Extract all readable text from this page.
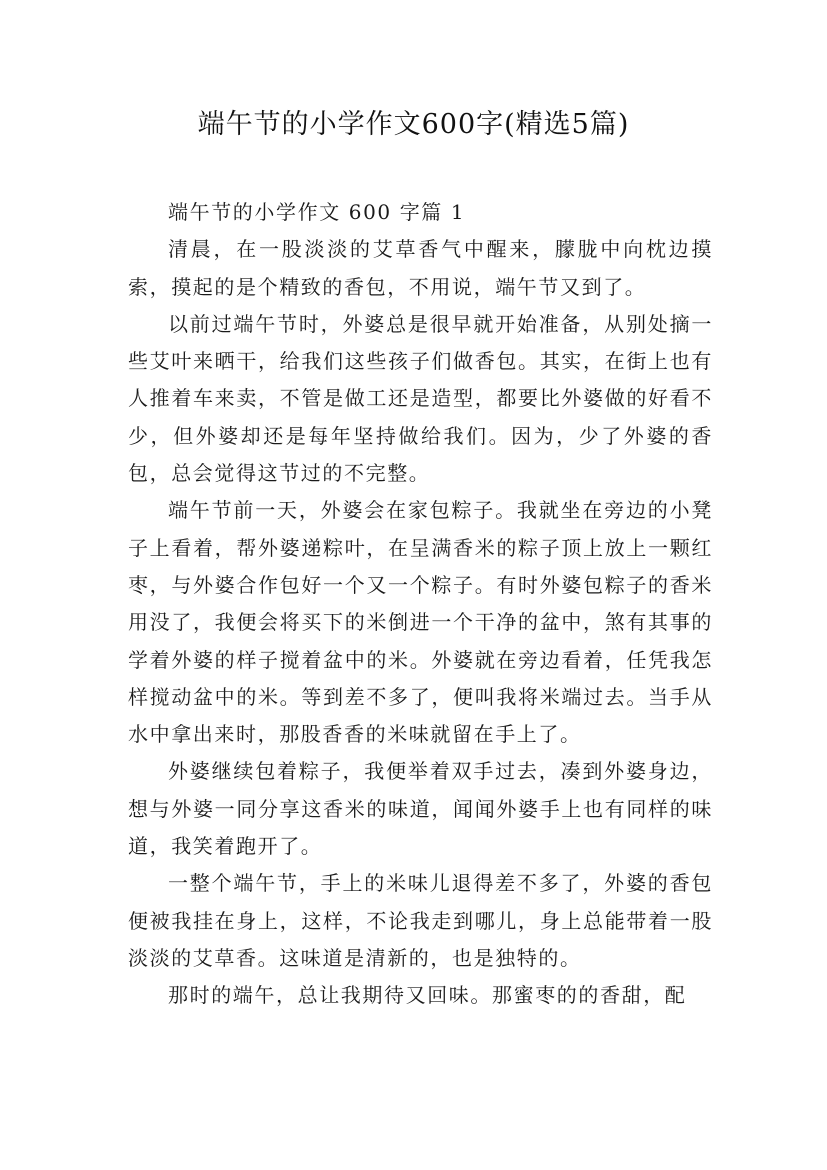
端午节的小学作文600字(精选5篇)

端午节的小学作文 600 字篇 1

清晨，在一股淡淡的艾草香气中醒来，朦胧中向枕边摸索，摸起的是个精致的香包，不用说，端午节又到了。

以前过端午节时，外婆总是很早就开始准备，从别处摘一些艾叶来晒干，给我们这些孩子们做香包。其实，在街上也有人推着车来卖，不管是做工还是造型，都要比外婆做的好看不少，但外婆却还是每年坚持做给我们。因为，少了外婆的香包，总会觉得这节过的不完整。

端午节前一天，外婆会在家包粽子。我就坐在旁边的小凳子上看着，帮外婆递粽叶，在呈满香米的粽子顶上放上一颗红枣，与外婆合作包好一个又一个粽子。有时外婆包粽子的香米用没了，我便会将买下的米倒进一个干净的盆中，煞有其事的学着外婆的样子搅着盆中的米。外婆就在旁边看着，任凭我怎样搅动盆中的米。等到差不多了，便叫我将米端过去。当手从水中拿出来时，那股香香的米味就留在手上了。

外婆继续包着粽子，我便举着双手过去，凑到外婆身边，想与外婆一同分享这香米的味道，闻闻外婆手上也有同样的味道，我笑着跑开了。

一整个端午节，手上的米味儿退得差不多了，外婆的香包便被我挂在身上，这样，不论我走到哪儿，身上总能带着一股淡淡的艾草香。这味道是清新的，也是独特的。

那时的端午，总让我期待又回味。那蜜枣的的香甜，配
